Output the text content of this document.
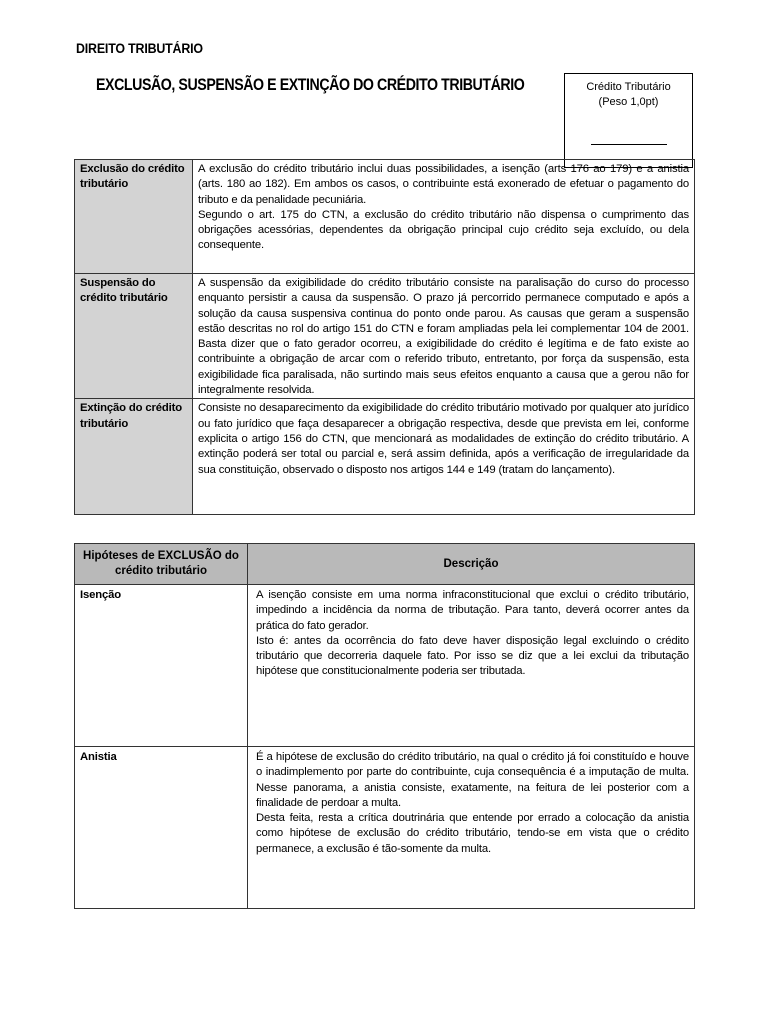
DIREITO TRIBUTÁRIO
EXCLUSÃO, SUSPENSÃO E EXTINÇÃO DO CRÉDITO TRIBUTÁRIO	Crédito Tributário
(Peso 1,0pt)
Exclusão do crédito tributário	A exclusão do crédito tributário inclui duas possibilidades, a isenção (arts 176 ao 179) e a anistia (arts. 180 ao 182). Em ambos os casos, o contribuinte está exonerado de efetuar o pagamento do tributo e da penalidade pecuniária.

Segundo o art. 175 do CTN, a exclusão do crédito tributário não dispensa o cumprimento das obrigações acessórias, dependentes da obrigação principal cujo crédito seja excluído, ou dela consequente.

Suspensão do crédito tributário	A suspensão da exigibilidade do crédito tributário consiste na paralisação do curso do processo enquanto persistir a causa da suspensão. O prazo já percorrido permanece computado e após a solução da causa suspensiva continua do ponto onde parou. As causas que geram a suspensão estão descritas no rol do artigo 151 do CTN e foram ampliadas pela lei complementar 104 de 2001. Basta dizer que o fato gerador ocorreu, a exigibilidade do crédito é legítima e de fato existe ao contribuinte a obrigação de arcar com o referido tributo, entretanto, por força da suspensão, esta exigibilidade fica paralisada, não surtindo mais seus efeitos enquanto a causa que a gerou não for integralmente resolvida.

Extinção do crédito tributário	Consiste no desaparecimento da exigibilidade do crédito tributário motivado por qualquer ato jurídico ou fato jurídico que faça desaparecer a obrigação respectiva, desde que prevista em lei, conforme explicita o artigo 156 do CTN, que mencionará as modalidades de extinção do crédito tributário. A extinção poderá ser total ou parcial e, será assim definida, após a verificação de irregularidade da sua constituição, observado o disposto nos artigos 144 e 149 (tratam do lançamento).

Hipóteses de EXCLUSÃO do crédito tributário	Descrição
Isenção	A isenção consiste em uma norma infraconstitucional que exclui o crédito tributário, impedindo a incidência da norma de tributação. Para tanto, deverá ocorrer antes da prática do fato gerador.

Isto é: antes da ocorrência do fato deve haver disposição legal excluindo o crédito tributário que decorreria daquele fato. Por isso se diz que a lei exclui da tributação hipótese que constitucionalmente poderia ser tributada.

Anistia	É a hipótese de exclusão do crédito tributário, na qual o crédito já foi constituído e houve o inadimplemento por parte do contribuinte, cuja consequência é a imputação de multa. Nesse panorama, a anistia consiste, exatamente, na feitura de lei posterior com a finalidade de perdoar a multa.

Desta feita, resta a crítica doutrinária que entende por errado a colocação da anistia como hipótese de exclusão do crédito tributário, tendo-se em vista que o crédito permanece, a exclusão é tão-somente da multa.
